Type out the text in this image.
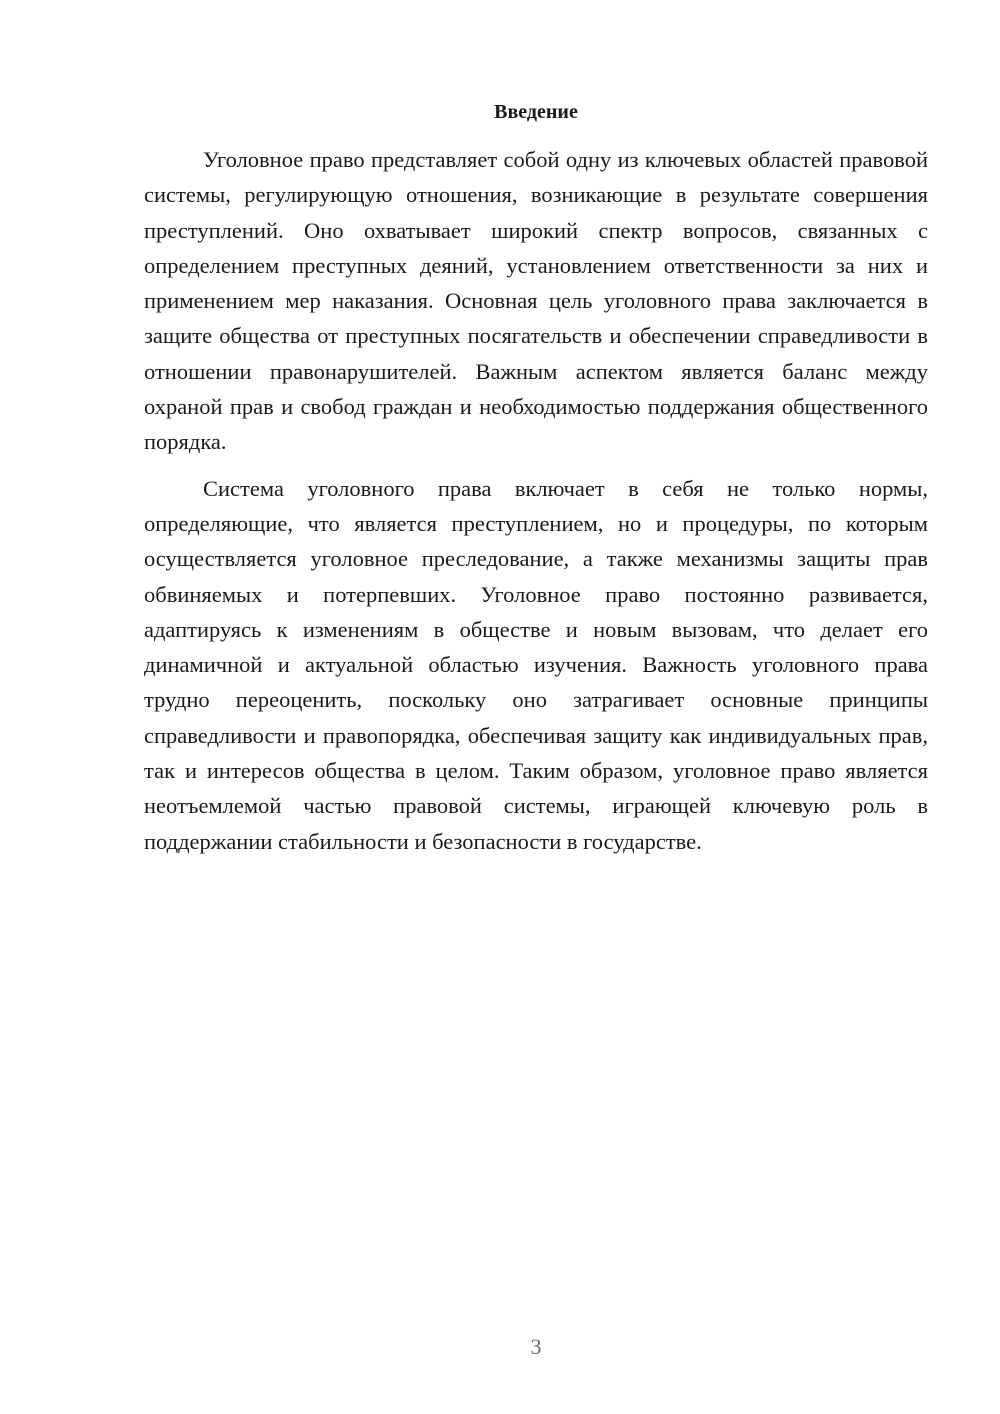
Введение

Уголовное право представляет собой одну из ключевых областей правовой системы, регулирующую отношения, возникающие в результате совершения преступлений. Оно охватывает широкий спектр вопросов, связанных с определением преступных деяний, установлением ответственности за них и применением мер наказания. Основная цель уголовного права заключается в защите общества от преступных посягательств и обеспечении справедливости в отношении правонарушителей. Важным аспектом является баланс между охраной прав и свобод граждан и необходимостью поддержания общественного порядка.

Система уголовного права включает в себя не только нормы, определяющие, что является преступлением, но и процедуры, по которым осуществляется уголовное преследование, а также механизмы защиты прав обвиняемых и потерпевших. Уголовное право постоянно развивается, адаптируясь к изменениям в обществе и новым вызовам, что делает его динамичной и актуальной областью изучения. Важность уголовного права трудно переоценить, поскольку оно затрагивает основные принципы справедливости и правопорядка, обеспечивая защиту как индивидуальных прав, так и интересов общества в целом. Таким образом, уголовное право является неотъемлемой частью правовой системы, играющей ключевую роль в поддержании стабильности и безопасности в государстве.

3
